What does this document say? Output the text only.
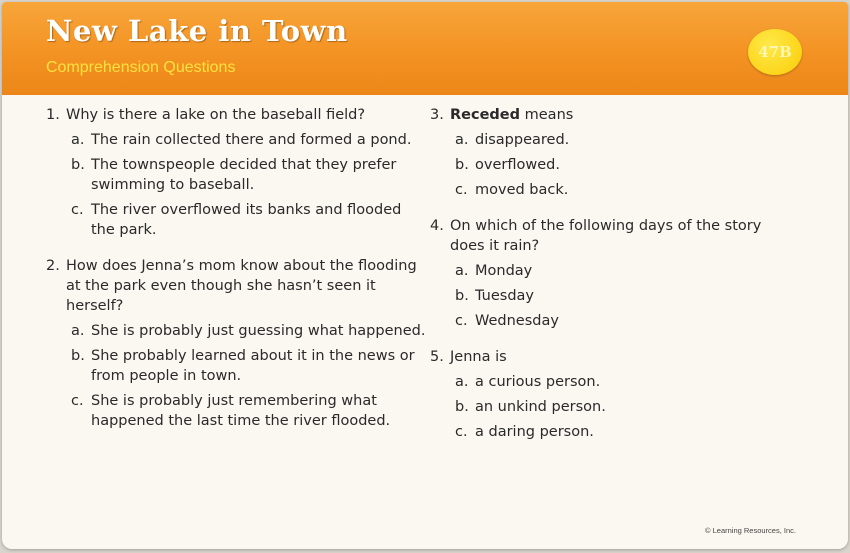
New Lake in Town
Comprehension Questions
47B
1. Why is there a lake on the baseball field?
a. The rain collected there and formed a pond.
b. The townspeople decided that they prefer swimming to baseball.
c. The river overflowed its banks and flooded the park.
2. How does Jenna’s mom know about the flooding at the park even though she hasn’t seen it herself?
a. She is probably just guessing what happened.
b. She probably learned about it in the news or from people in town.
c. She is probably just remembering what happened the last time the river flooded.
3. Receded means
a. disappeared.
b. overflowed.
c. moved back.
4. On which of the following days of the story does it rain?
a. Monday
b. Tuesday
c. Wednesday
5. Jenna is
a. a curious person.
b. an unkind person.
c. a daring person.
© Learning Resources, Inc.
